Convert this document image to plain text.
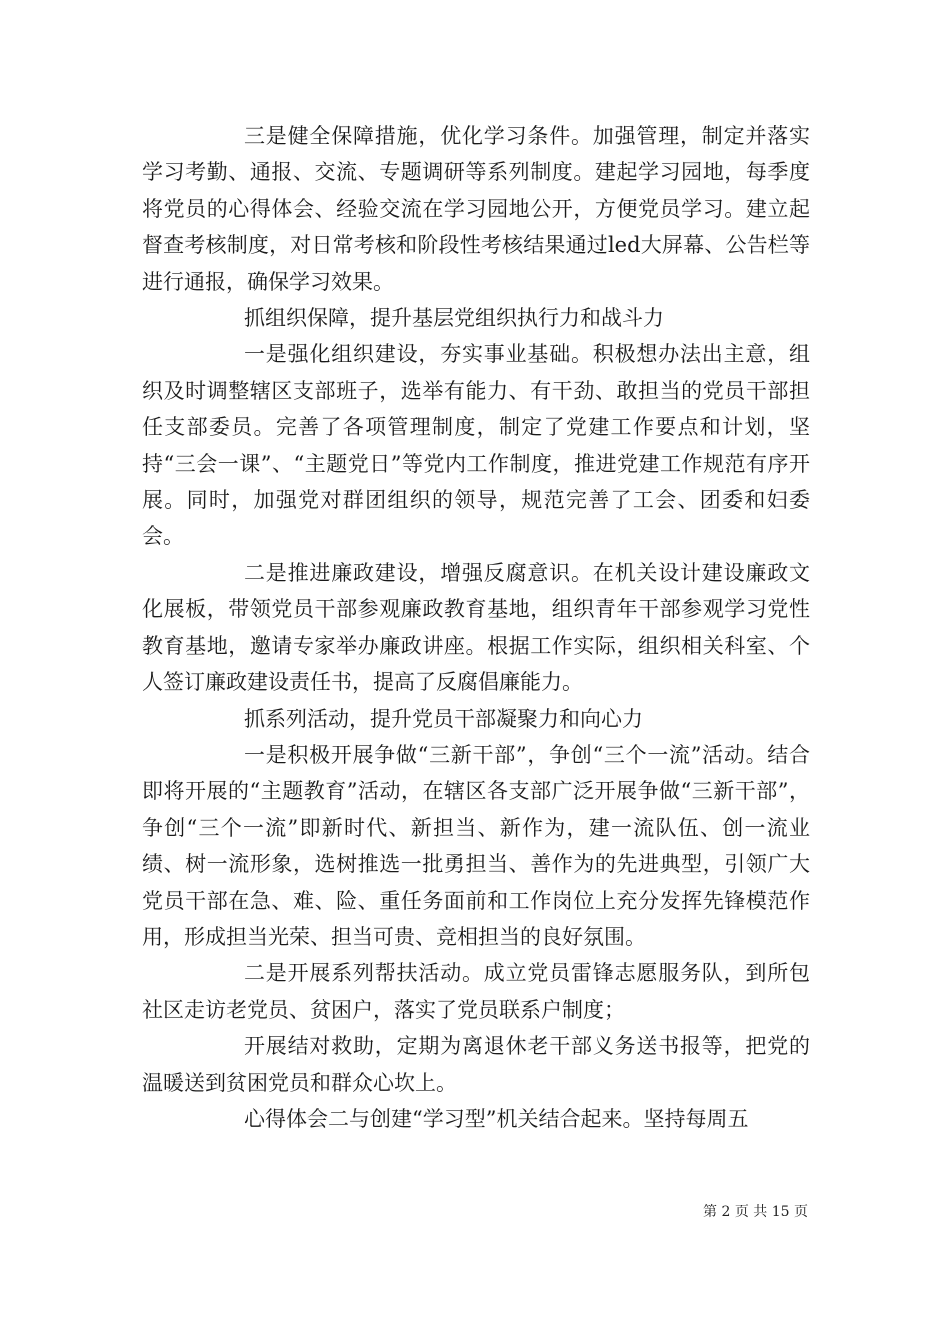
三是健全保障措施，优化学习条件。加强管理，制定并落实学习考勤、通报、交流、专题调研等系列制度。建起学习园地，每季度将党员的心得体会、经验交流在学习园地公开，方便党员学习。建立起督查考核制度，对日常考核和阶段性考核结果通过led大屏幕、公告栏等进行通报，确保学习效果。

抓组织保障，提升基层党组织执行力和战斗力

一是强化组织建设，夯实事业基础。积极想办法出主意，组织及时调整辖区支部班子，选举有能力、有干劲、敢担当的党员干部担任支部委员。完善了各项管理制度，制定了党建工作要点和计划，坚持“三会一课”、“主题党日”等党内工作制度，推进党建工作规范有序开展。同时，加强党对群团组织的领导，规范完善了工会、团委和妇委会。

二是推进廉政建设，增强反腐意识。在机关设计建设廉政文化展板，带领党员干部参观廉政教育基地，组织青年干部参观学习党性教育基地，邀请专家举办廉政讲座。根据工作实际，组织相关科室、个人签订廉政建设责任书，提高了反腐倡廉能力。

抓系列活动，提升党员干部凝聚力和向心力

一是积极开展争做“三新干部”，争创“三个一流”活动。结合即将开展的“主题教育”活动，在辖区各支部广泛开展争做“三新干部”，争创“三个一流”即新时代、新担当、新作为，建一流队伍、创一流业绩、树一流形象，选树推选一批勇担当、善作为的先进典型，引领广大党员干部在急、难、险、重任务面前和工作岗位上充分发挥先锋模范作用，形成担当光荣、担当可贵、竞相担当的良好氛围。

二是开展系列帮扶活动。成立党员雷锋志愿服务队，到所包社区走访老党员、贫困户，落实了党员联系户制度；

开展结对救助，定期为离退休老干部义务送书报等，把党的温暖送到贫困党员和群众心坎上。

心得体会二与创建“学习型”机关结合起来。坚持每周五

第 2 页 共 15 页
